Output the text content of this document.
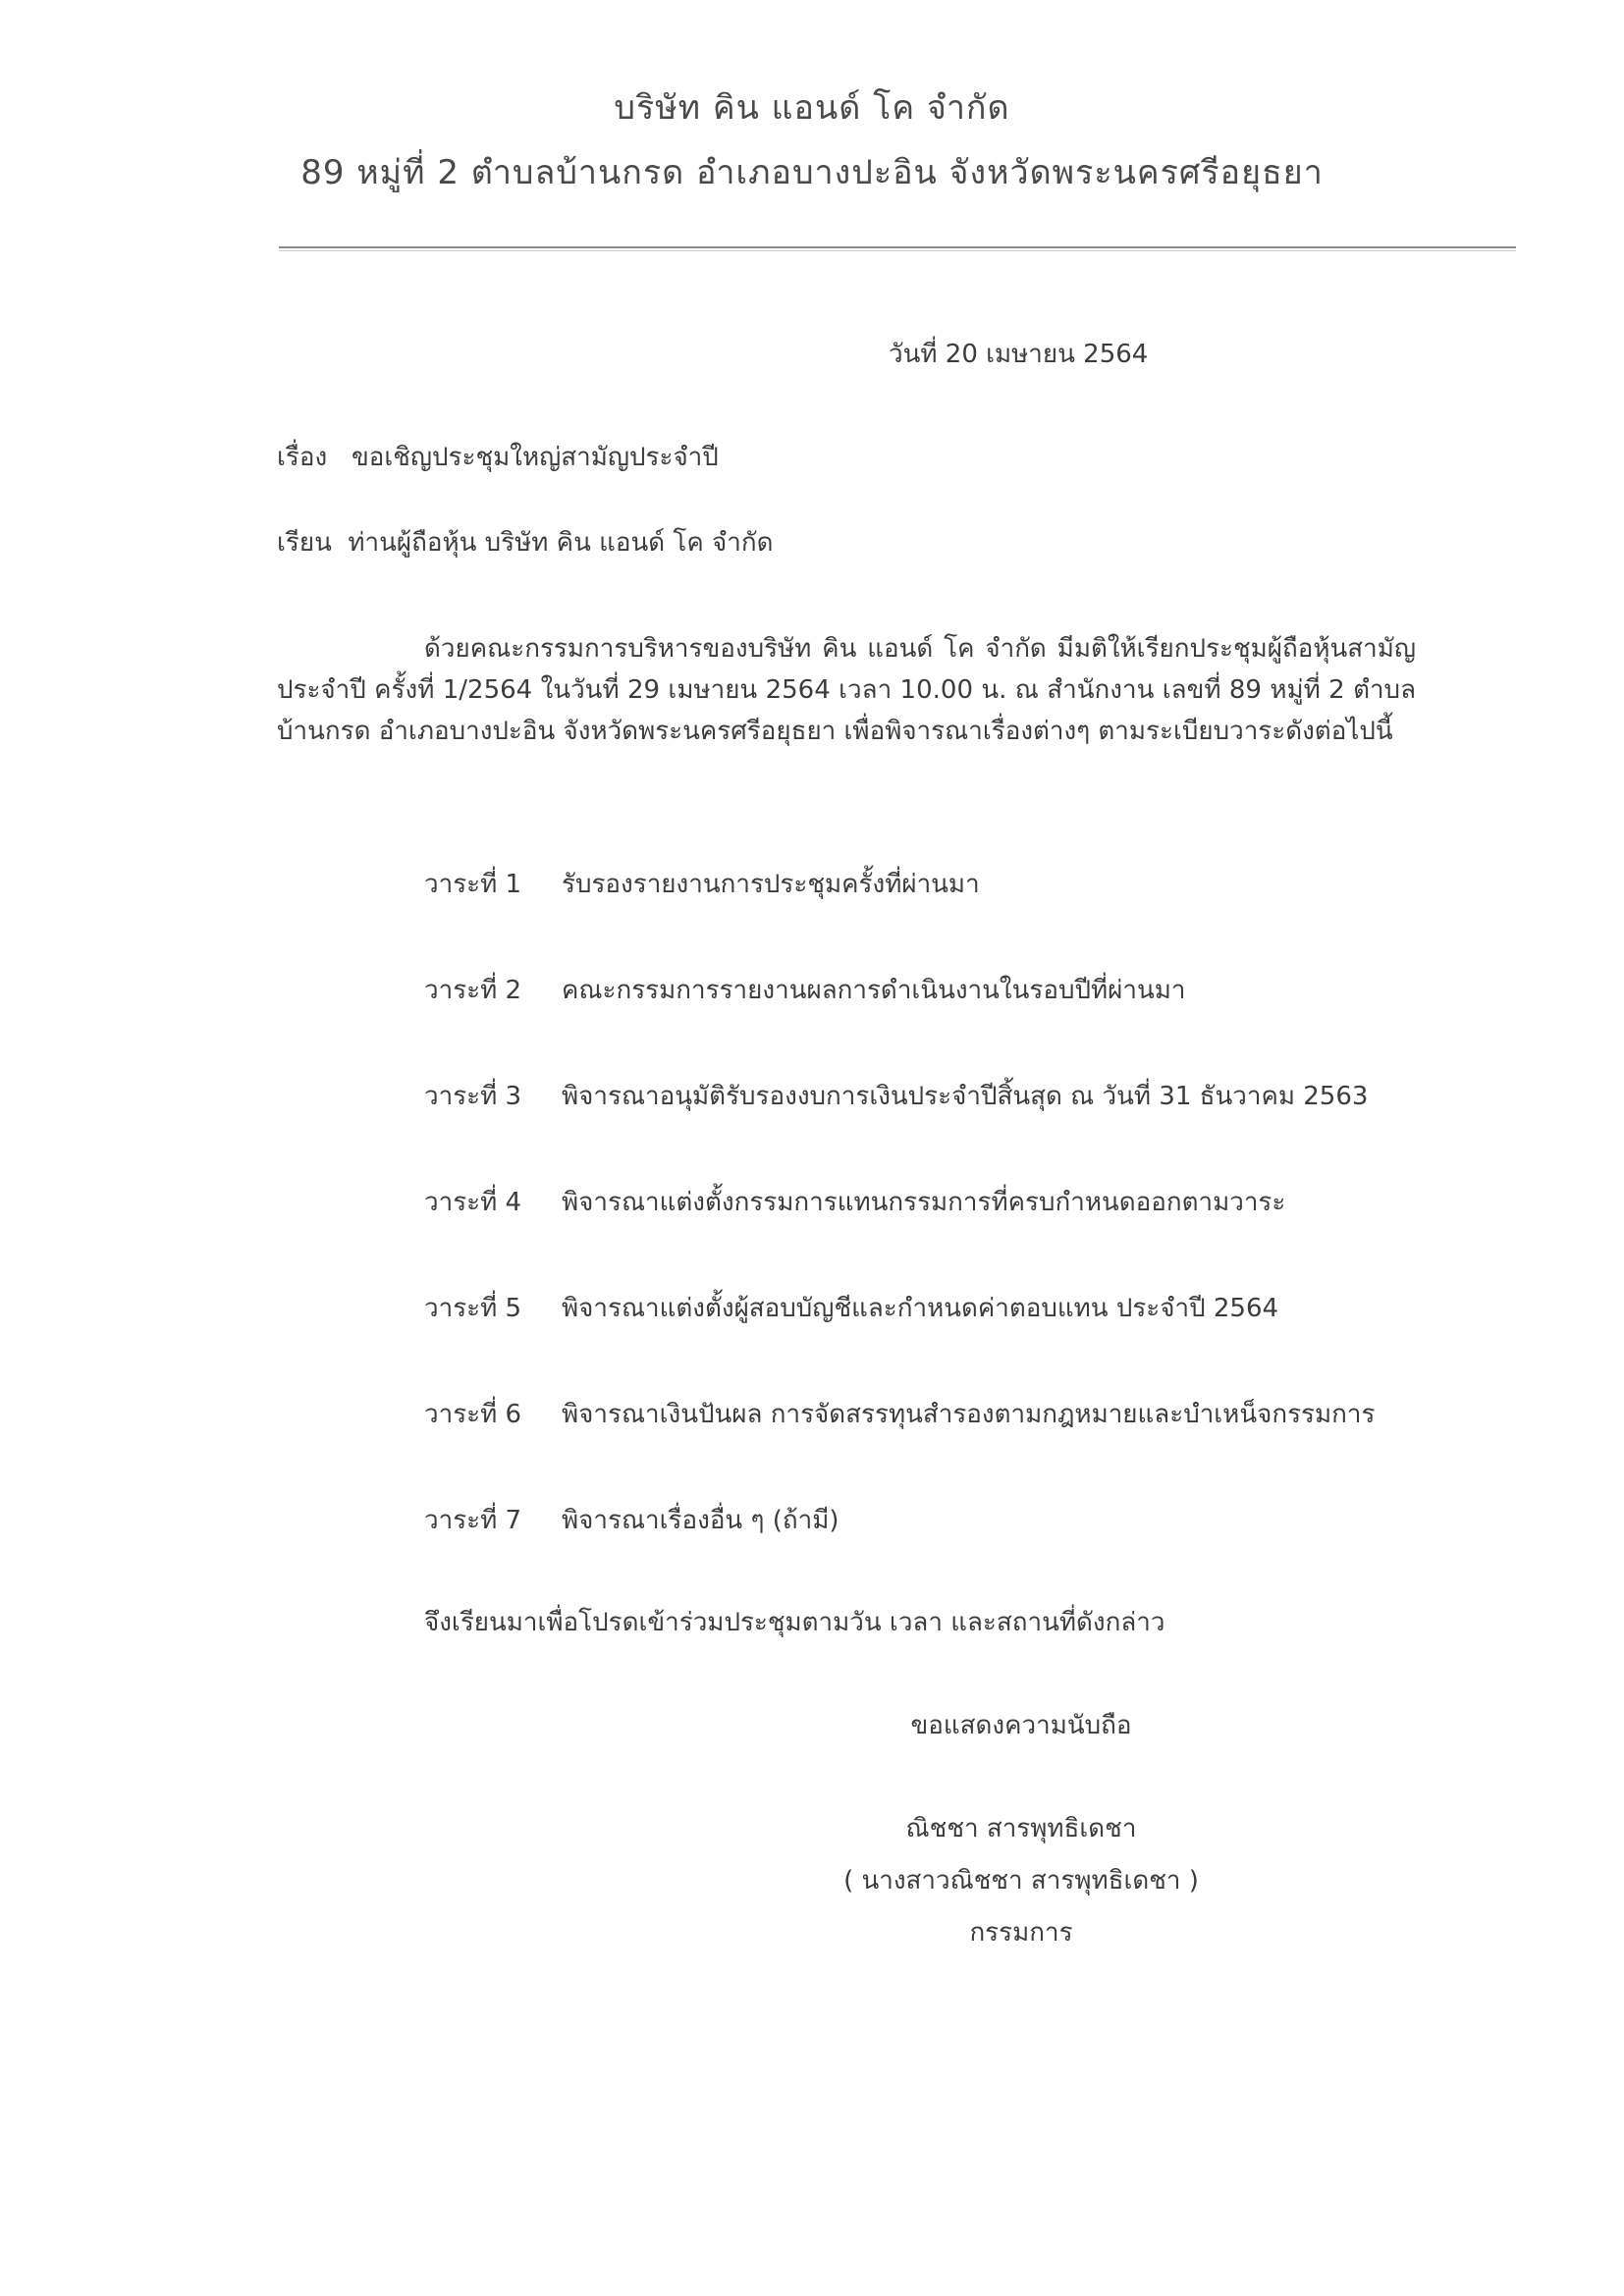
บริษัท คิน แอนด์ โค จำกัด
89 หมู่ที่ 2 ตำบลบ้านกรด อำเภอบางปะอิน จังหวัดพระนครศรีอยุธยา
วันที่ 20 เมษายน 2564
เรื่อง ขอเชิญประชุมใหญ่สามัญประจำปี
เรียน ท่านผู้ถือหุ้น บริษัท คิน แอนด์ โค จำกัด
ด้วยคณะกรรมการบริหารของบริษัท คิน แอนด์ โค จำกัด มีมติให้เรียกประชุมผู้ถือหุ้นสามัญประจำปี ครั้งที่ 1/2564 ในวันที่ 29 เมษายน 2564 เวลา 10.00 น. ณ สำนักงาน เลขที่ 89 หมู่ที่ 2 ตำบลบ้านกรด อำเภอบางปะอิน จังหวัดพระนครศรีอยุธยา เพื่อพิจารณาเรื่องต่างๆ ตามระเบียบวาระดังต่อไปนี้
วาระที่ 1 รับรองรายงานการประชุมครั้งที่ผ่านมา
วาระที่ 2 คณะกรรมการรายงานผลการดำเนินงานในรอบปีที่ผ่านมา
วาระที่ 3 พิจารณาอนุมัติรับรองงบการเงินประจำปีสิ้นสุด ณ วันที่ 31 ธันวาคม 2563
วาระที่ 4 พิจารณาแต่งตั้งกรรมการแทนกรรมการที่ครบกำหนดออกตามวาระ
วาระที่ 5 พิจารณาแต่งตั้งผู้สอบบัญชีและกำหนดค่าตอบแทน ประจำปี 2564
วาระที่ 6 พิจารณาเงินปันผล การจัดสรรทุนสำรองตามกฎหมายและบำเหน็จกรรมการ
วาระที่ 7 พิจารณาเรื่องอื่น ๆ (ถ้ามี)
จึงเรียนมาเพื่อโปรดเข้าร่วมประชุมตามวัน เวลา และสถานที่ดังกล่าว
ขอแสดงความนับถือ
ณิชชา สารพุทธิเดชา
( นางสาวณิชชา สารพุทธิเดชา )
กรรมการ
